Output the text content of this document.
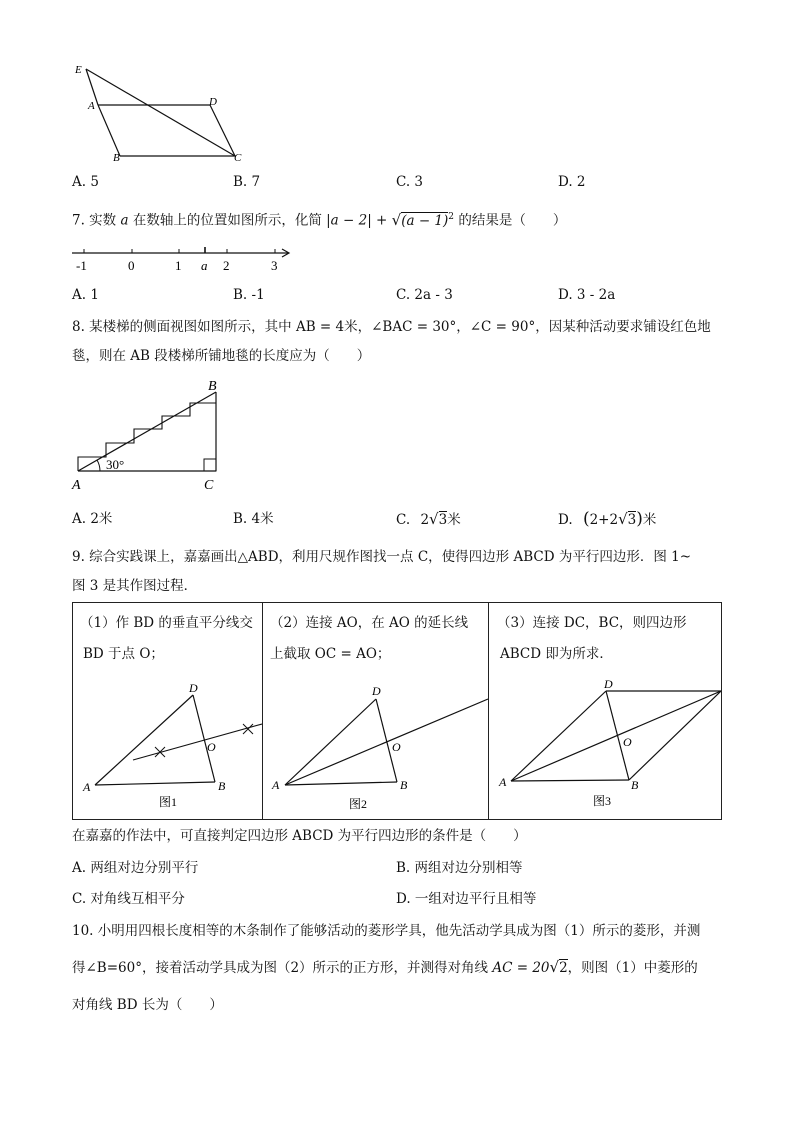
E
A	D
B	C
A. 5	B. 7	C. 3	D. 2
7. 实数 a 在数轴上的位置如图所示，化简 $|a - 2| + √(a - 1)^2$ 的结果是（　　）
-1	0	1 a 2	3
A. 1	B. ‐1	C. 2a ‐ 3	D. 3 ‐ 2a
8. 某楼梯的侧面视图如图所示，其中 AB = 4米，∠BAC = 30°，∠C = 90°，因某种活动要求铺设红色地
毯，则在 AB 段楼梯所铺地毯的长度应为（　　）
30°
B
A	C
A. 2米	B. 4米	C. 2√3米	D. (2+2√3)米
9. 综合实践课上，嘉嘉画出△ABD，利用尺规作图找一点 C，使得四边形 ABCD 为平行四边形．图 1~
图 3 是其作图过程．
（1）作 BD 的垂直平分线交
BD 于点 O；
（2）连接 AO，在 AO 的延长线
上截取 OC = AO；
（3）连接 DC，BC，则四边形
ABCD 即为所求．
D
O
A	B
图1
D
O
A	B
图2
D
O
A	B
图3
在嘉嘉的作法中，可直接判定四边形 ABCD 为平行四边形的条件是（　　）
A. 两组对边分别平行	B. 两组对边分别相等
C. 对角线互相平分	D. 一组对边平行且相等
10. 小明用四根长度相等的木条制作了能够活动的菱形学具，他先活动学具成为图（1）所示的菱形，并测
得∠B=60°，接着活动学具成为图（2）所示的正方形，并测得对角线 AC = 20√2，则图（1）中菱形的
对角线 BD 长为（　　）
